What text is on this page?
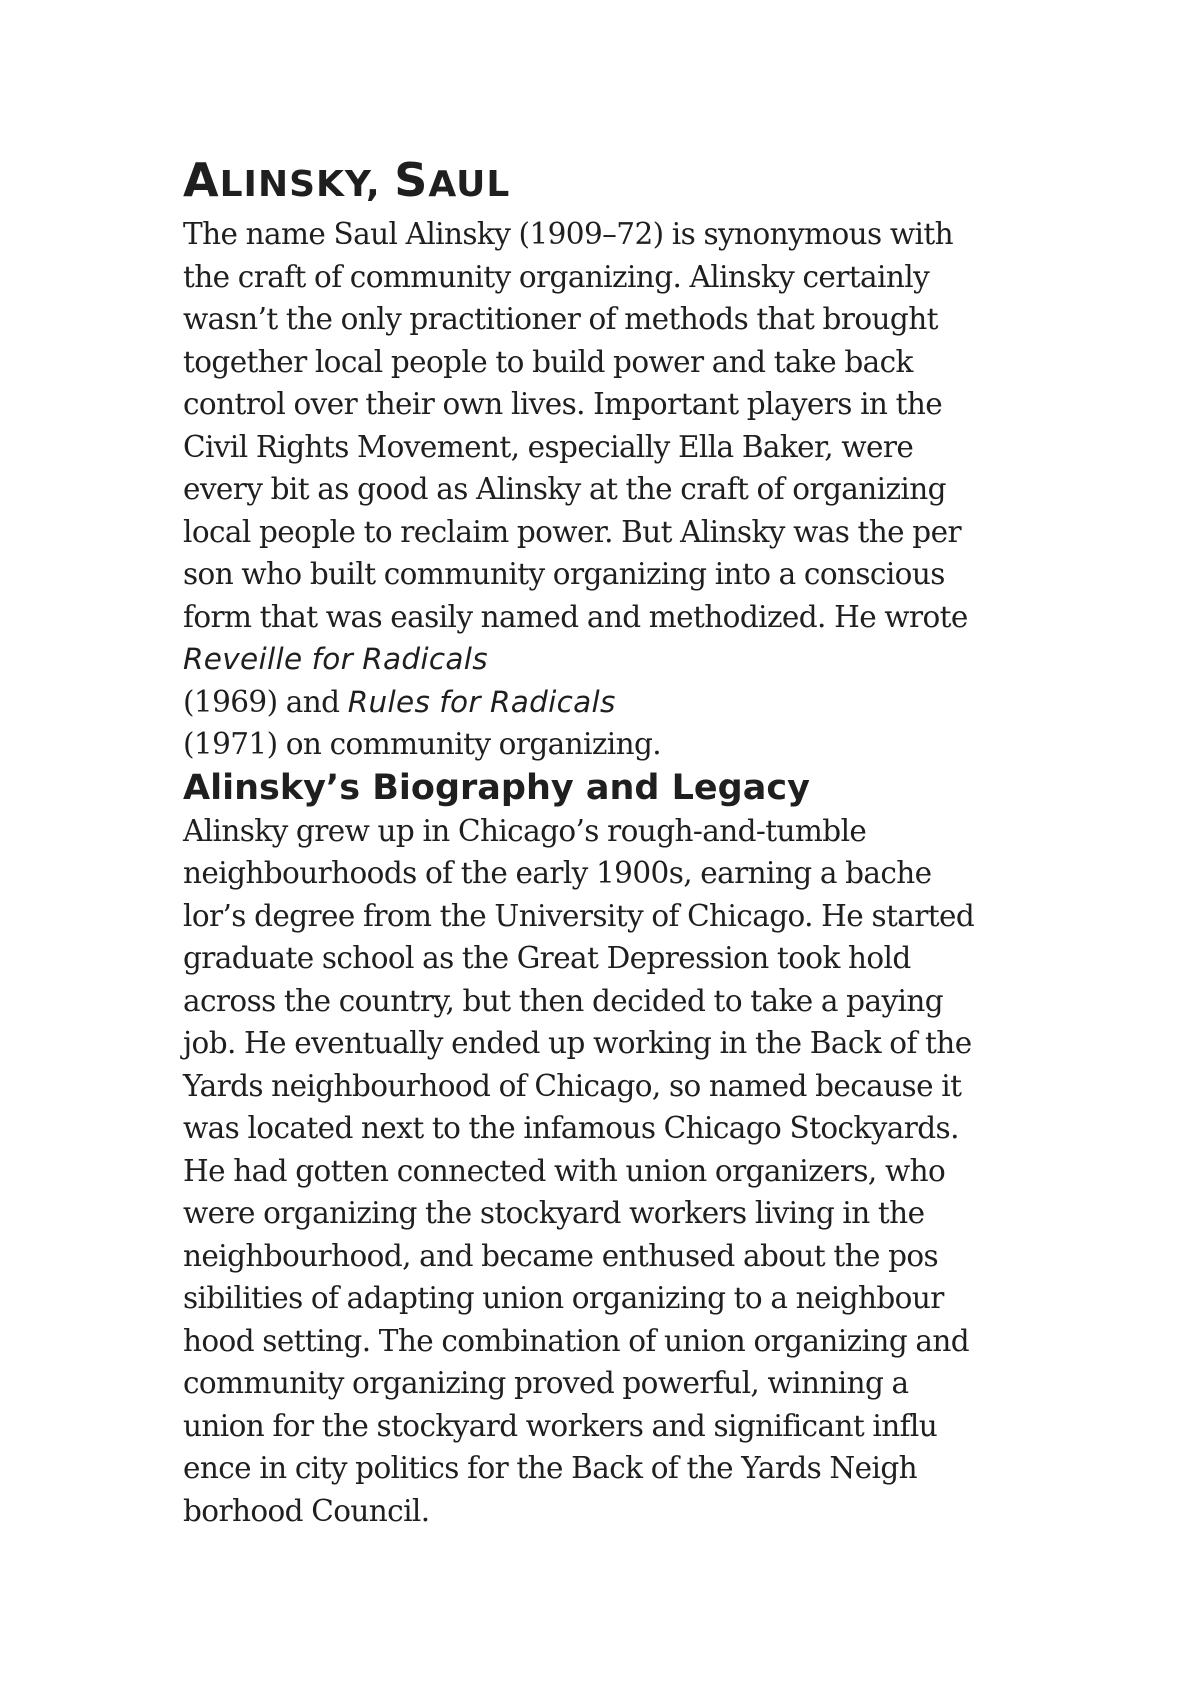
ALINSKY, SAUL

The name Saul Alinsky (1909–72) is synonymous with

the craft of community organizing. Alinsky certainly

wasn’t the only practitioner of methods that brought

together local people to build power and take back

control over their own lives. Important players in the

Civil Rights Movement, especially Ella Baker, were

every bit as good as Alinsky at the craft of organizing

local people to reclaim power. But Alinsky was the per

son who built community organizing into a conscious

form that was easily named and methodized. He wrote

Reveille for Radicals

(1969) and Rules for Radicals

(1971) on community organizing.

Alinsky’s Biography and Legacy

Alinsky grew up in Chicago’s rough-and-tumble

neighbourhoods of the early 1900s, earning a bache

lor’s degree from the University of Chicago. He started

graduate school as the Great Depression took hold

across the country, but then decided to take a paying

job. He eventually ended up working in the Back of the

Yards neighbourhood of Chicago, so named because it

was located next to the infamous Chicago Stockyards.

He had gotten connected with union organizers, who

were organizing the stockyard workers living in the

neighbourhood, and became enthused about the pos

sibilities of adapting union organizing to a neighbour

hood setting. The combination of union organizing and

community organizing proved powerful, winning a

union for the stockyard workers and significant influ

ence in city politics for the Back of the Yards Neigh

borhood Council.
